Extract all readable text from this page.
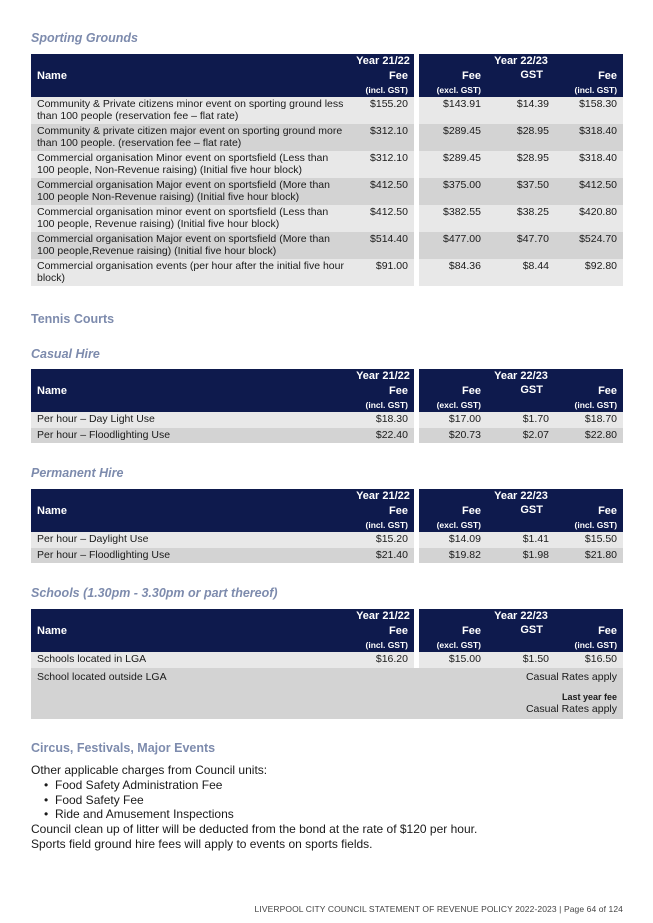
Sporting Grounds
Name	Year 21/22	Year 22/23		
	Fee	Fee	GST	Fee
	(incl. GST)	(excl. GST)		(incl. GST)
Community & Private citizens minor event on sporting ground less than 100 people (reservation fee – flat rate)	$155.20	$143.91	$14.39	$158.30
Community & private citizen major event on sporting ground more than 100 people. (reservation fee – flat rate)	$312.10	$289.45	$28.95	$318.40
Commercial organisation Minor event on sportsfield (Less than 100 people, Non-Revenue raising) (Initial five hour block)	$312.10	$289.45	$28.95	$318.40
Commercial organisation Major event on sportsfield (More than 100 people Non-Revenue raising) (Initial five hour block)	$412.50	$375.00	$37.50	$412.50
Commercial organisation minor event on sportsfield (Less than 100 people, Revenue raising) (Initial five hour block)	$412.50	$382.55	$38.25	$420.80
Commercial organisation Major event on sportsfield (More than 100 people,Revenue raising) (Initial five hour block)	$514.40	$477.00	$47.70	$524.70
Commercial organisation events (per hour after the initial five hour block)	$91.00	$84.36	$8.44	$92.80
Tennis Courts
Casual Hire
Name	Year 21/22	Year 22/23		
	Fee	Fee	GST	Fee
	(incl. GST)	(excl. GST)		(incl. GST)
Per hour – Day Light Use	$18.30	$17.00	$1.70	$18.70
Per hour – Floodlighting Use	$22.40	$20.73	$2.07	$22.80
Permanent Hire
Name	Year 21/22	Year 22/23		
	Fee	Fee	GST	Fee
	(incl. GST)	(excl. GST)		(incl. GST)
Per hour – Daylight Use	$15.20	$14.09	$1.41	$15.50
Per hour – Floodlighting Use	$21.40	$19.82	$1.98	$21.80
Schools (1.30pm - 3.30pm or part thereof)
Name	Year 21/22	Year 22/23		
	Fee	Fee	GST	Fee
	(incl. GST)	(excl. GST)		(incl. GST)
Schools located in LGA	$16.20	$15.00	$1.50	$16.50
School located outside LGA	Casual Rates apply
Last year fee
Casual Rates apply			
Circus, Festivals, Major Events

Other applicable charges from Council units:

• Food Safety Administration Fee
• Food Safety Fee
• Ride and Amusement Inspections

Council clean up of litter will be deducted from the bond at the rate of $120 per hour.

Sports field ground hire fees will apply to events on sports fields.

LIVERPOOL CITY COUNCIL STATEMENT OF REVENUE POLICY 2022-2023 | Page 64 of 124
